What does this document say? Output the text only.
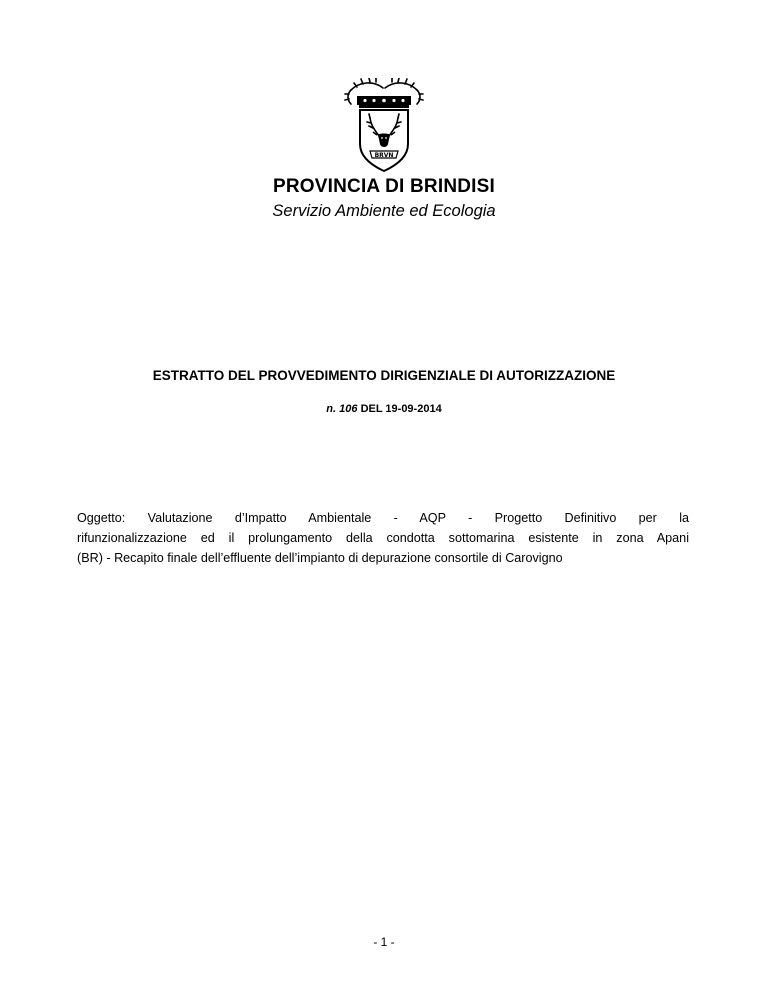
BRVN
PROVINCIA DI BRINDISI
Servizio Ambiente ed Ecologia
ESTRATTO DEL PROVVEDIMENTO DIRIGENZIALE DI AUTORIZZAZIONE
n. 106 DEL 19-09-2014
Oggetto: Valutazione d’Impatto Ambientale - AQP - Progetto Definitivo per la
rifunzionalizzazione ed il prolungamento della condotta sottomarina esistente in zona Apani
(BR) - Recapito finale dell’effluente dell’impianto di depurazione consortile di Carovigno
- 1 -
